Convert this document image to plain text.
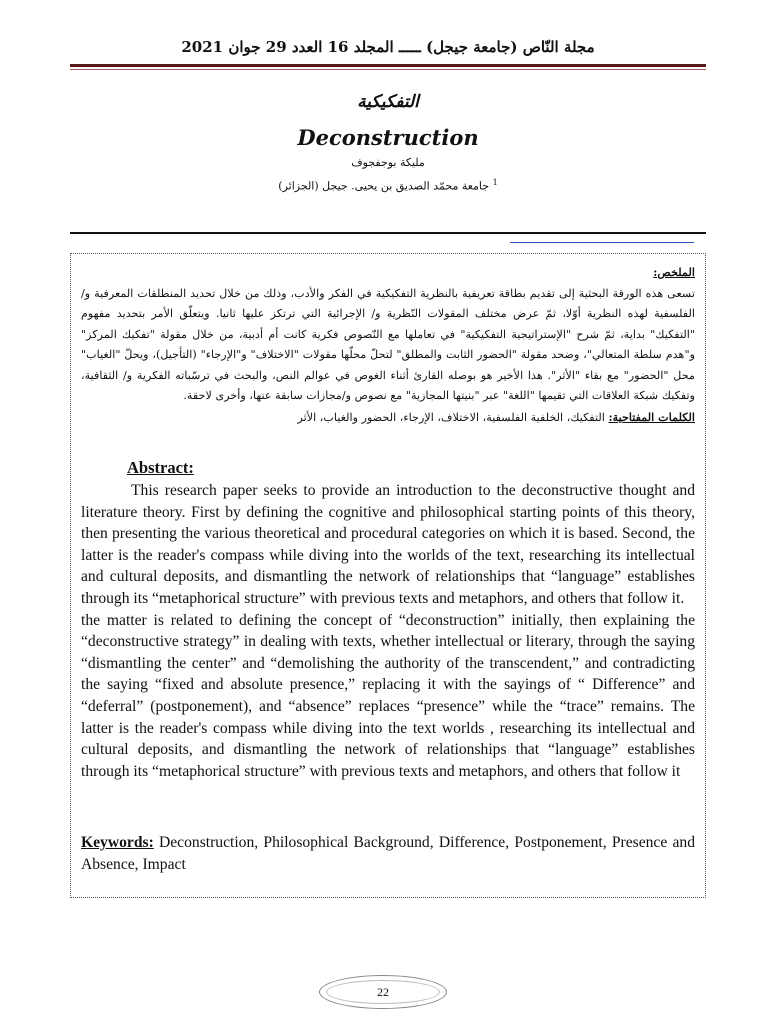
مجلة النّاص (جامعة جيجل) ـــــ المجلد 16 العدد 29 جوان 2021
التفكيكية
Deconstruction
مليكة بوجفجوف
$^1$ جامعة محمّد الصديق بن يحيى. جيجل (الجزائر)
الملخص:
تسعى هذه الورقة البحثية إلى تقديم بطاقة تعريفية بالنظرية التفكيكية في الفكر والأدب، وذلك من خلال تحديد المنطلقات المعرفية و/ الفلسفية لهذه النظرية أوّلا، ثمّ عرض مختلف المقولات النّظرية و/ الإجرائية التي ترتكز عليها ثانيا. ويتعلّق الأمر بتحديد مفهوم "التفكيك" بداية، ثمّ شرح "الإستراتيجية التفكيكية" في تعاملها مع النّصوص فكرية كانت أم أدبية، من خلال مقولة "تفكيك المركز" و"هدم سلطة المتعالي"، وضحد مقولة "الحضور الثابت والمطلق" لتحلّ محلّها مقولات "الاختلاف" و"الإرجاء" (التأجيل)، ويحلّ "الغياب" محل "الحضور" مع بقاء "الأثر". هذا الأخير هو بوصله القارئ أثناء الغوص في عوالم النص، والبحث في ترسّباته الفكرية و/ الثقافية، وتفكيك شبكة العلاقات التي تقيمها "اللغة" عبر "بنيتها المجازية" مع نصوص و/مجازات سابقة عنها، وأخرى لاحقة.
الكلمات المفتاحية: التفكيك، الخلفية الفلسفية، الاختلاف، الإرجاء، الحضور والغياب، الأثر
Abstract:

This research paper seeks to provide an introduction to the deconstructive thought and literature theory. First by defining the cognitive and philosophical starting points of this theory, then presenting the various theoretical and procedural categories on which it is based. Second, the latter is the reader's compass while diving into the worlds of the text, researching its intellectual and cultural deposits, and dismantling the network of relationships that “language” establishes through its “metaphorical structure” with previous texts and metaphors, and others that follow it.

the matter is related to defining the concept of “deconstruction” initially, then explaining the “deconstructive strategy” in dealing with texts, whether intellectual or literary, through the saying “dismantling the center” and “demolishing the authority of the transcendent,” and contradicting the saying “fixed and absolute presence,” replacing it with the sayings of “ Difference” and “deferral” (postponement), and “absence” replaces “presence” while the “trace” remains. The latter is the reader's compass while diving into the text worlds , researching its intellectual and cultural deposits, and dismantling the network of relationships that “language” establishes through its “metaphorical structure” with previous texts and metaphors, and others that follow it

Keywords: Deconstruction, Philosophical Background, Difference, Postponement, Presence and Absence, Impact
22
